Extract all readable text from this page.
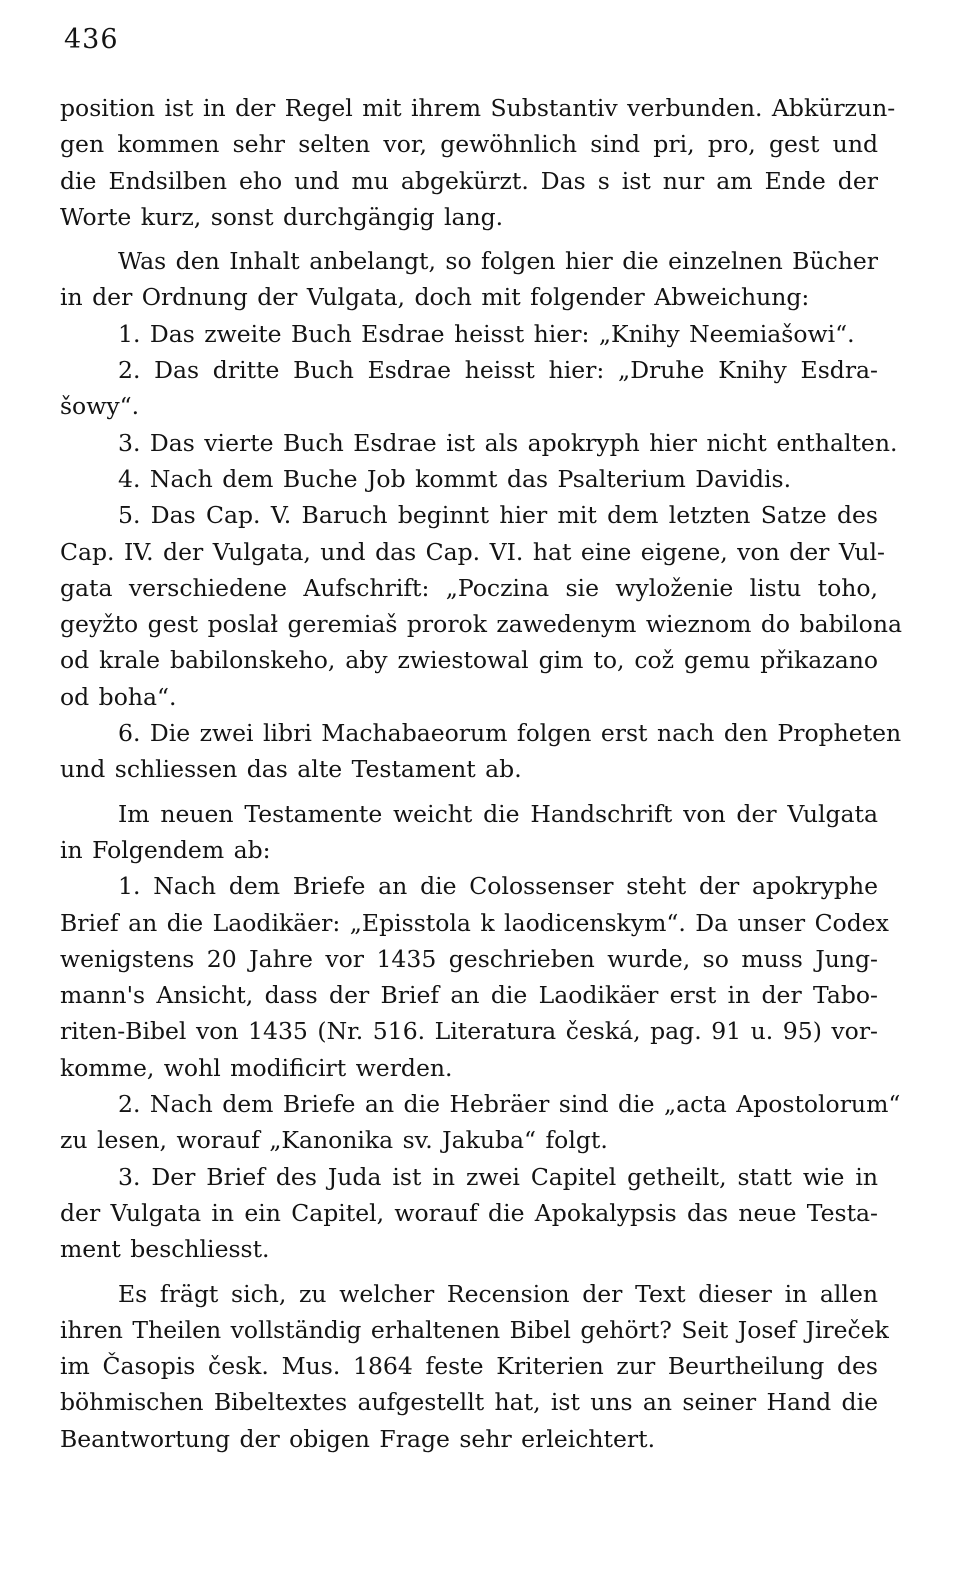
436
position ist in der Regel mit ihrem Substantiv verbunden. Abkürzun-
gen kommen sehr selten vor, gewöhnlich sind pri, pro, gest und
die Endsilben eho und mu abgekürzt. Das s ist nur am Ende der
Worte kurz, sonst durchgängig lang.
Was den Inhalt anbelangt, so folgen hier die einzelnen Bücher
in der Ordnung der Vulgata, doch mit folgender Abweichung:
1. Das zweite Buch Esdrae heisst hier: „Knihy Neemiašowi“.
2. Das dritte Buch Esdrae heisst hier: „Druhe Knihy Esdra-
šowy“.
3. Das vierte Buch Esdrae ist als apokryph hier nicht enthalten.
4. Nach dem Buche Job kommt das Psalterium Davidis.
5. Das Cap. V. Baruch beginnt hier mit dem letzten Satze des
Cap. IV. der Vulgata, und das Cap. VI. hat eine eigene, von der Vul-
gata verschiedene Aufschrift: „Poczina sie wyloženie listu toho,
geyžto gest poslał geremiaš prorok zawedenym wieznom do babilona
od krale babilonskeho, aby zwiestowal gim to, což gemu přikazano
od boha“.
6. Die zwei libri Machabaeorum folgen erst nach den Propheten
und schliessen das alte Testament ab.
Im neuen Testamente weicht die Handschrift von der Vulgata
in Folgendem ab:
1. Nach dem Briefe an die Colossenser steht der apokryphe
Brief an die Laodikäer: „Episstola k laodicenskym“. Da unser Codex
wenigstens 20 Jahre vor 1435 geschrieben wurde, so muss Jung-
mann's Ansicht, dass der Brief an die Laodikäer erst in der Tabo-
riten-Bibel von 1435 (Nr. 516. Literatura česká, pag. 91 u. 95) vor-
komme, wohl modificirt werden.
2. Nach dem Briefe an die Hebräer sind die „acta Apostolorum“
zu lesen, worauf „Kanonika sv. Jakuba“ folgt.
3. Der Brief des Juda ist in zwei Capitel getheilt, statt wie in
der Vulgata in ein Capitel, worauf die Apokalypsis das neue Testa-
ment beschliesst.
Es frägt sich, zu welcher Recension der Text dieser in allen
ihren Theilen vollständig erhaltenen Bibel gehört? Seit Josef Jireček
im Časopis česk. Mus. 1864 feste Kriterien zur Beurtheilung des
böhmischen Bibeltextes aufgestellt hat, ist uns an seiner Hand die
Beantwortung der obigen Frage sehr erleichtert.
